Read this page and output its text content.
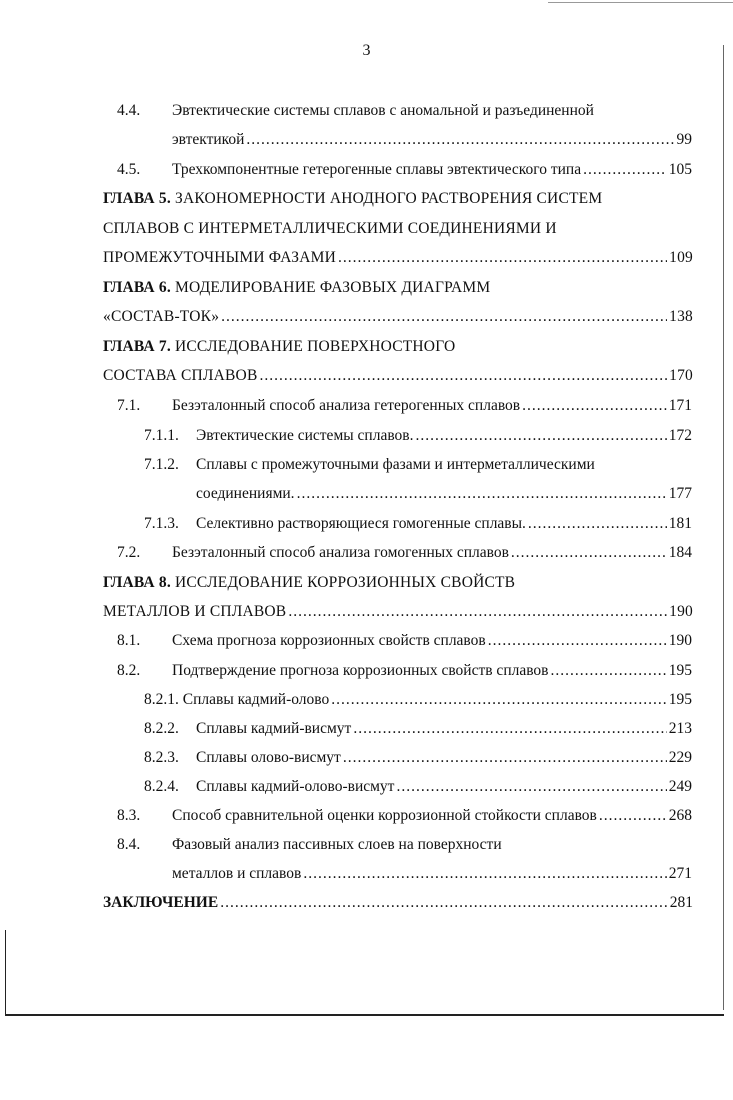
3
4.4. Эвтектические системы сплавов с аномальной и разъединенной
эвтектикой .....	99
4.5. Трехкомпонентные гетерогенные сплавы эвтектического типа .....	105
ГЛАВА 5. ЗАКОНОМЕРНОСТИ АНОДНОГО РАСТВОРЕНИЯ СИСТЕМ
СПЛАВОВ С ИНТЕРМЕТАЛЛИЧЕСКИМИ СОЕДИНЕНИЯМИ И
ПРОМЕЖУТОЧНЫМИ ФАЗАМИ .....	109
ГЛАВА 6. МОДЕЛИРОВАНИЕ ФАЗОВЫХ ДИАГРАММ
«СОСТАВ-ТОК» .....	138
ГЛАВА 7. ИССЛЕДОВАНИЕ ПОВЕРХНОСТНОГО
СОСТАВА СПЛАВОВ .....	170
7.1. Безэталонный способ анализа гетерогенных сплавов .....	171
7.1.1. Эвтектические системы сплавов. .....	172
7.1.2. Сплавы с промежуточными фазами и интерметаллическими
соединениями. .....	177
7.1.3. Селективно растворяющиеся гомогенные сплавы. .....	181
7.2. Безэталонный способ анализа гомогенных сплавов .....	184
ГЛАВА 8. ИССЛЕДОВАНИЕ КОРРОЗИОННЫХ СВОЙСТВ
МЕТАЛЛОВ И СПЛАВОВ .....	190
8.1. Схема прогноза коррозионных свойств сплавов .....	190
8.2. Подтверждение прогноза коррозионных свойств сплавов .....	195
8.2.1. Сплавы кадмий-олово .....	195
8.2.2. Сплавы кадмий-висмут .....	213
8.2.3. Сплавы олово-висмут .....	229
8.2.4. Сплавы кадмий-олово-висмут .....	249
8.3. Способ сравнительной оценки коррозионной стойкости сплавов .....	268
8.4. Фазовый анализ пассивных слоев на поверхности
металлов и сплавов .....	271
ЗАКЛЮЧЕНИЕ .....	281
